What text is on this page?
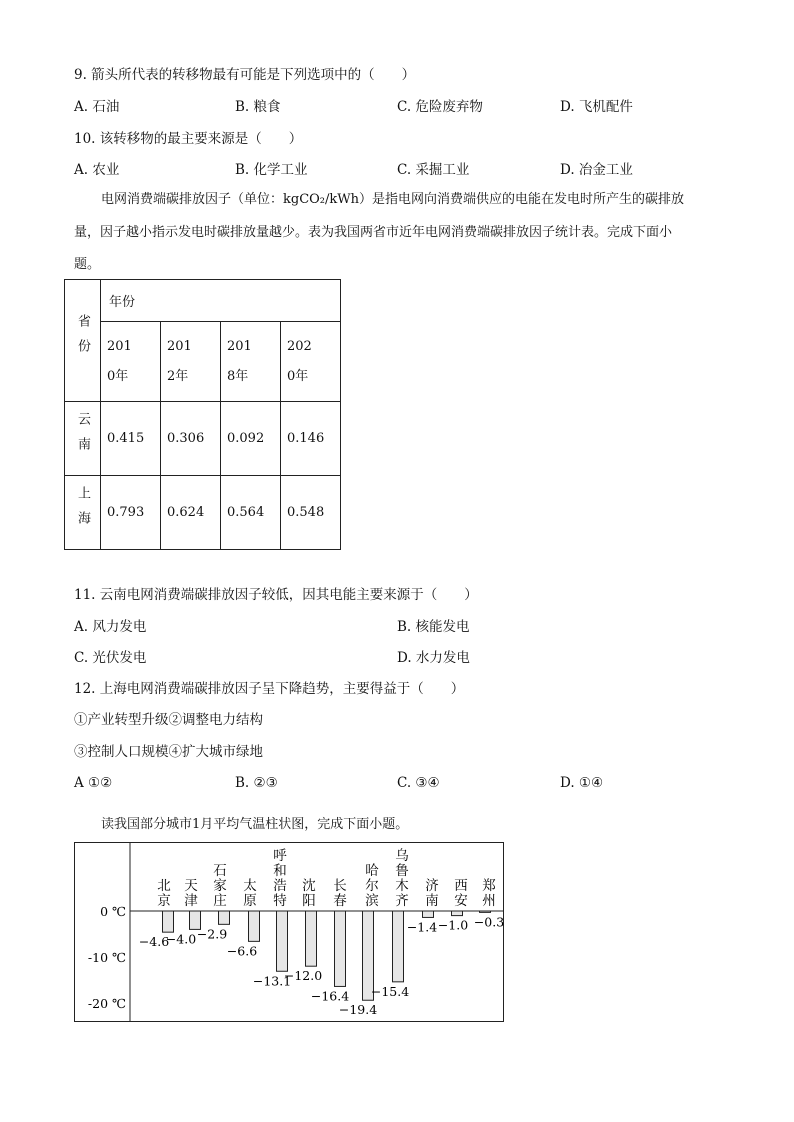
9. 箭头所代表的转移物最有可能是下列选项中的（　　）
A. 石油	B. 粮食	C. 危险废弃物	D. 飞机配件
10. 该转移物的最主要来源是（　　）
A. 农业	B. 化学工业	C. 采掘工业	D. 冶金工业
电网消费端碳排放因子（单位：kgCO₂/kWh）是指电网向消费端供应的电能在发电时所产生的碳排放
量，因子越小指示发电时碳排放量越少。表为我国两省市近年电网消费端碳排放因子统计表。完成下面小
题。
省份	年份			

	2010年	2012年	2018年	2020年

云南	0.415	0.306	0.092	0.146
上海	0.793	0.624	0.564	0.548
11. 云南电网消费端碳排放因子较低，因其电能主要来源于（　　）
A. 风力发电	B. 核能发电
C. 光伏发电	D. 水力发电
12. 上海电网消费端碳排放因子呈下降趋势，主要得益于（　　）
①产业转型升级②调整电力结构
③控制人口规模④扩大城市绿地
A ①②	B. ②③	C. ③④	D. ①④
读我国部分城市1月平均气温柱状图，完成下面小题。
0 ℃
-10 ℃
-20 ℃
北京
天津
石家庄
太原
呼和浩特
沈阳
长春
哈尔滨
乌鲁木齐
济南
西安
郑州
−4.6
−4.0 −2.9
−6.6
−13.1
−12.0
−16.4
−19.4
−15.4
−1.4 −1.0 −0.3
